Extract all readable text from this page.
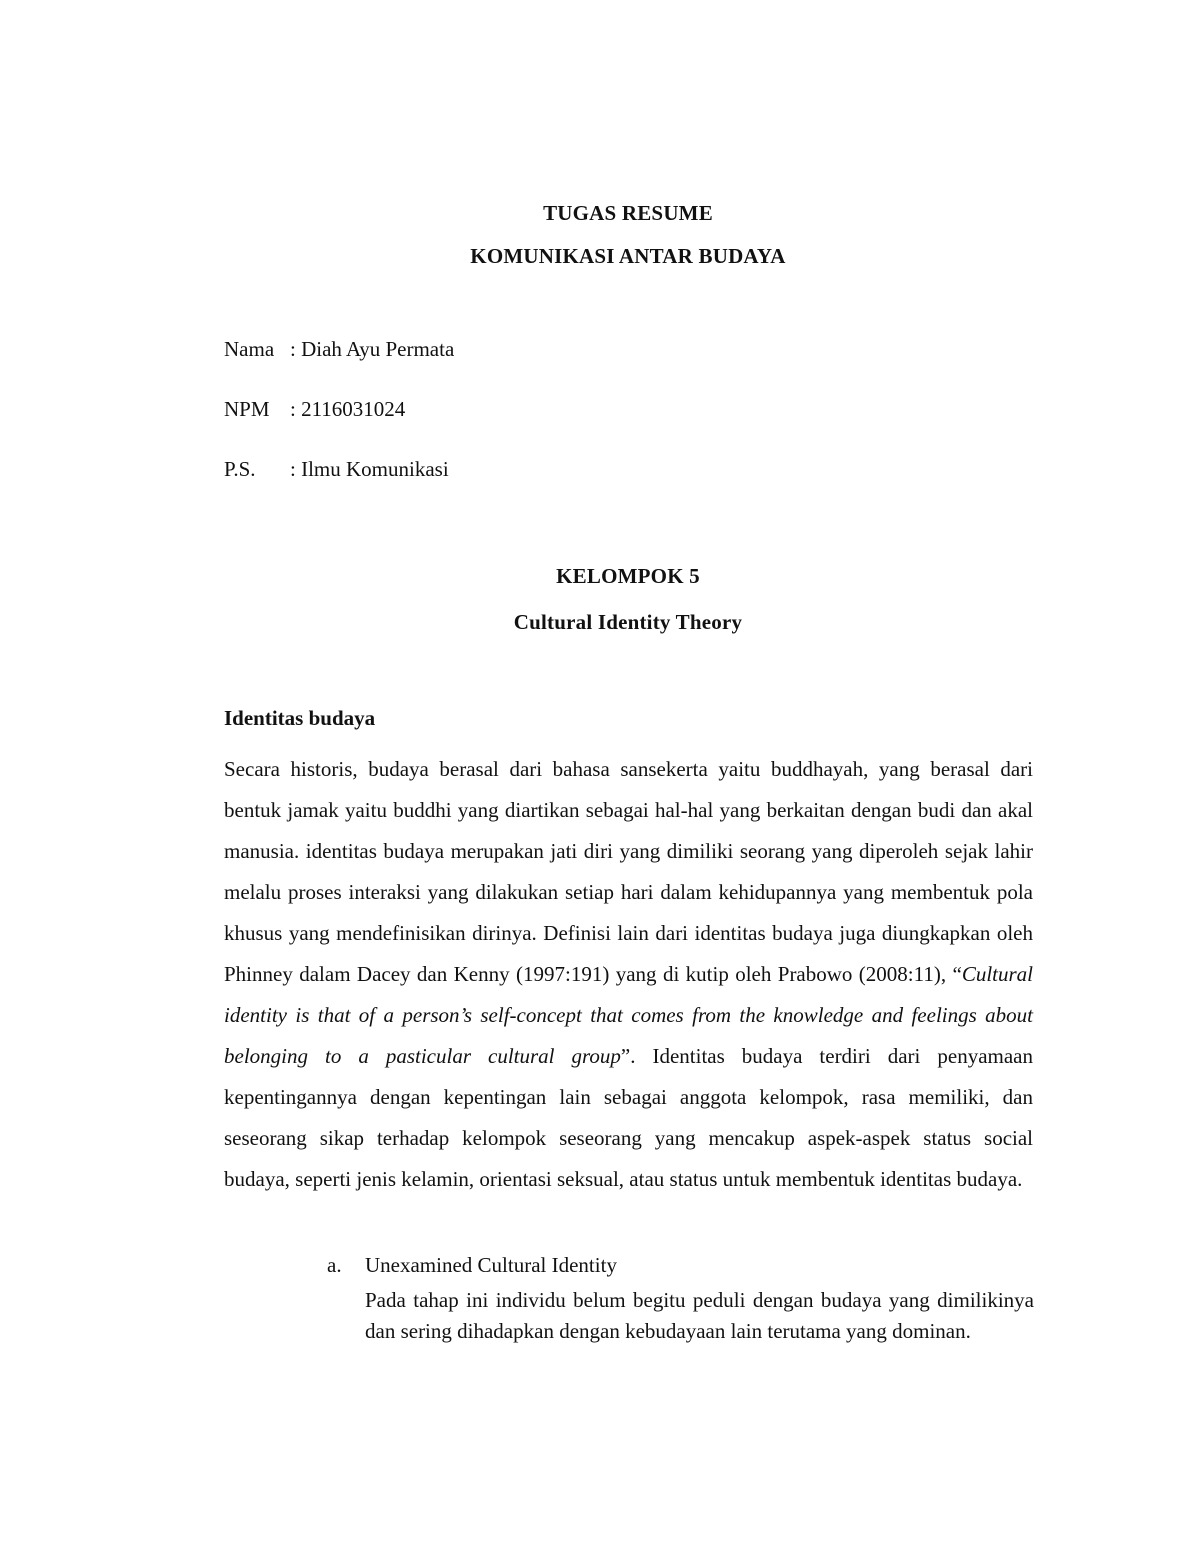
TUGAS RESUME
KOMUNIKASI ANTAR BUDAYA
Nama : Diah Ayu Permata
NPM : 2116031024
P.S. : Ilmu Komunikasi
KELOMPOK 5
Cultural Identity Theory
Identitas budaya

Secara historis, budaya berasal dari bahasa sansekerta yaitu buddhayah, yang berasal dari bentuk jamak yaitu buddhi yang diartikan sebagai hal-hal yang berkaitan dengan budi dan akal manusia. identitas budaya merupakan jati diri yang dimiliki seorang yang diperoleh sejak lahir melalu proses interaksi yang dilakukan setiap hari dalam kehidupannya yang membentuk pola khusus yang mendefinisikan dirinya. Definisi lain dari identitas budaya juga diungkapkan oleh Phinney dalam Dacey dan Kenny (1997:191) yang di kutip oleh Prabowo (2008:11), “Cultural identity is that of a person’s self-concept that comes from the knowledge and feelings about belonging to a pasticular cultural group”. Identitas budaya terdiri dari penyamaan kepentingannya dengan kepentingan lain sebagai anggota kelompok, rasa memiliki, dan seseorang sikap terhadap kelompok seseorang yang mencakup aspek-aspek status social budaya, seperti jenis kelamin, orientasi seksual, atau status untuk membentuk identitas budaya.

a. Unexamined Cultural Identity

Pada tahap ini individu belum begitu peduli dengan budaya yang dimilikinya dan sering dihadapkan dengan kebudayaan lain terutama yang dominan.
